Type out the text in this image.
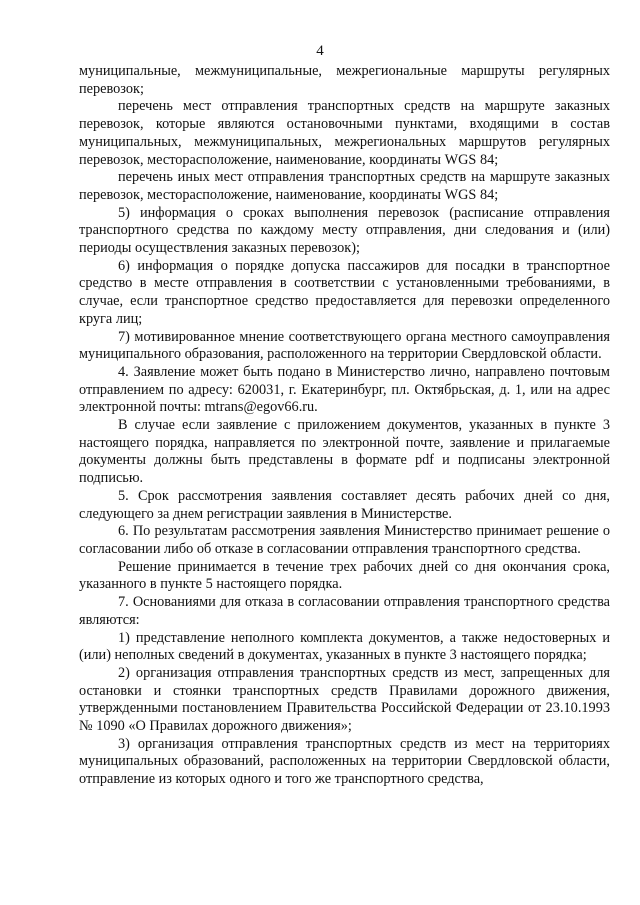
4

муниципальные, межмуниципальные, межрегиональные маршруты регулярных перевозок;

перечень мест отправления транспортных средств на маршруте заказных перевозок, которые являются остановочными пунктами, входящими в состав муниципальных, межмуниципальных, межрегиональных маршрутов регулярных перевозок, месторасположение, наименование, координаты WGS 84;

перечень иных мест отправления транспортных средств на маршруте заказных перевозок, месторасположение, наименование, координаты WGS 84;

5) информация о сроках выполнения перевозок (расписание отправления транспортного средства по каждому месту отправления, дни следования и (или) периоды осуществления заказных перевозок);

6) информация о порядке допуска пассажиров для посадки в транспортное средство в месте отправления в соответствии с установленными требованиями, в случае, если транспортное средство предоставляется для перевозки определенного круга лиц;

7) мотивированное мнение соответствующего органа местного самоуправления муниципального образования, расположенного на территории Свердловской области.

4. Заявление может быть подано в Министерство лично, направлено почтовым отправлением по адресу: 620031, г. Екатеринбург, пл. Октябрьская, д. 1, или на адрес электронной почты: mtrans@egov66.ru.

В случае если заявление с приложением документов, указанных в пункте 3 настоящего порядка, направляется по электронной почте, заявление и прилагаемые документы должны быть представлены в формате pdf и подписаны электронной подписью.

5. Срок рассмотрения заявления составляет десять рабочих дней со дня, следующего за днем регистрации заявления в Министерстве.

6. По результатам рассмотрения заявления Министерство принимает решение о согласовании либо об отказе в согласовании отправления транспортного средства.

Решение принимается в течение трех рабочих дней со дня окончания срока, указанного в пункте 5 настоящего порядка.

7. Основаниями для отказа в согласовании отправления транспортного средства являются:

1) представление неполного комплекта документов, а также недостоверных и (или) неполных сведений в документах, указанных в пункте 3 настоящего порядка;

2) организация отправления транспортных средств из мест, запрещенных для остановки и стоянки транспортных средств Правилами дорожного движения, утвержденными постановлением Правительства Российской Федерации от 23.10.1993 № 1090 «О Правилах дорожного движения»;

3) организация отправления транспортных средств из мест на территориях муниципальных образований, расположенных на территории Свердловской области, отправление из которых одного и того же транспортного средства,
